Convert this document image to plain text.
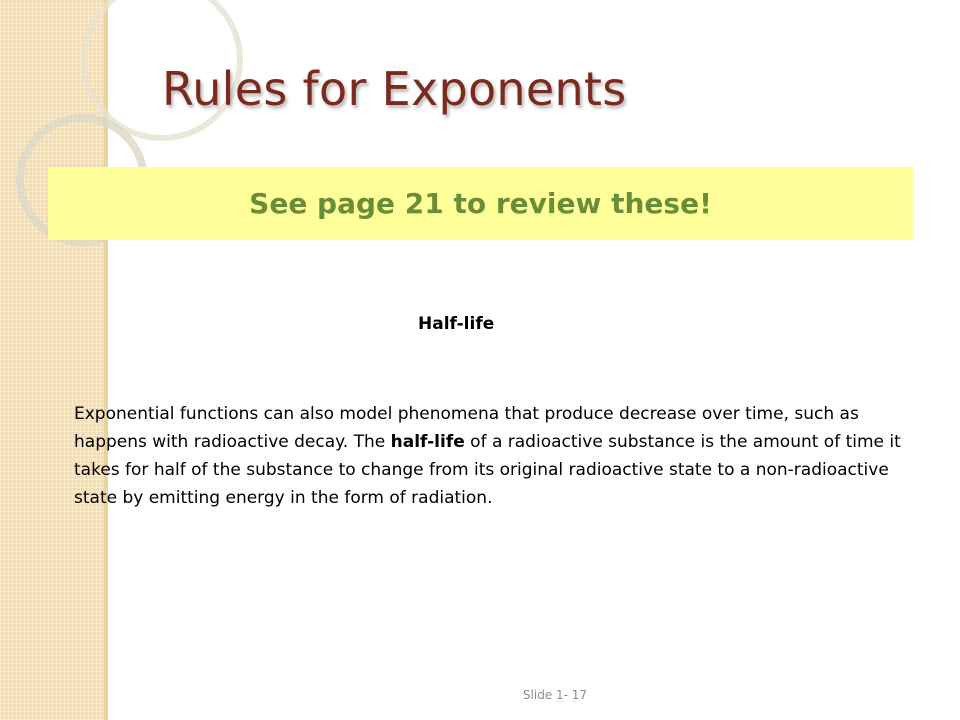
Rules for Exponents
See page 21 to review these!
Half-life

Exponential functions can also model phenomena that produce decrease over time, such as happens with radioactive decay. The half-life of a radioactive substance is the amount of time it takes for half of the substance to change from its original radioactive state to a non-radioactive state by emitting energy in the form of radiation.

Slide 1- 17
